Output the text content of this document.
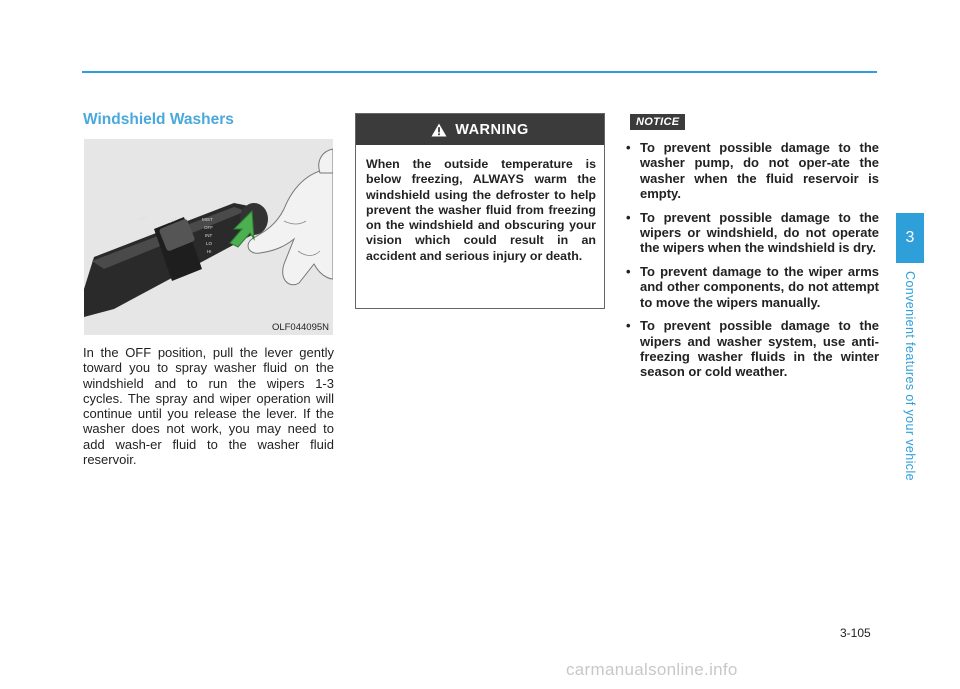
Windshield Washers
INT	MIST
OFF
INT
LO
HI
SEC
OLF044095N

In the OFF position, pull the lever gently toward you to spray washer fluid on the windshield and to run the wipers 1-3 cycles. The spray and wiper operation will continue until you release the lever. If the washer does not work, you may need to add wash-er fluid to the washer fluid reservoir.

WARNING

When the outside temperature is below freezing, ALWAYS warm the windshield using the defroster to help prevent the washer fluid from freezing on the windshield and obscuring your vision which could result in an accident and serious injury or death.

NOTICE
• To prevent possible damage to the washer pump, do not oper-ate the washer when the fluid reservoir is empty.
• To prevent possible damage to the wipers or windshield, do not operate the wipers when the windshield is dry.
• To prevent damage to the wiper arms and other components, do not attempt to move the wipers manually.
• To prevent possible damage to the wipers and washer system, use anti-freezing washer fluids in the winter season or cold weather.
3
Convenient features of your vehicle
3-105
carmanualsonline.info
